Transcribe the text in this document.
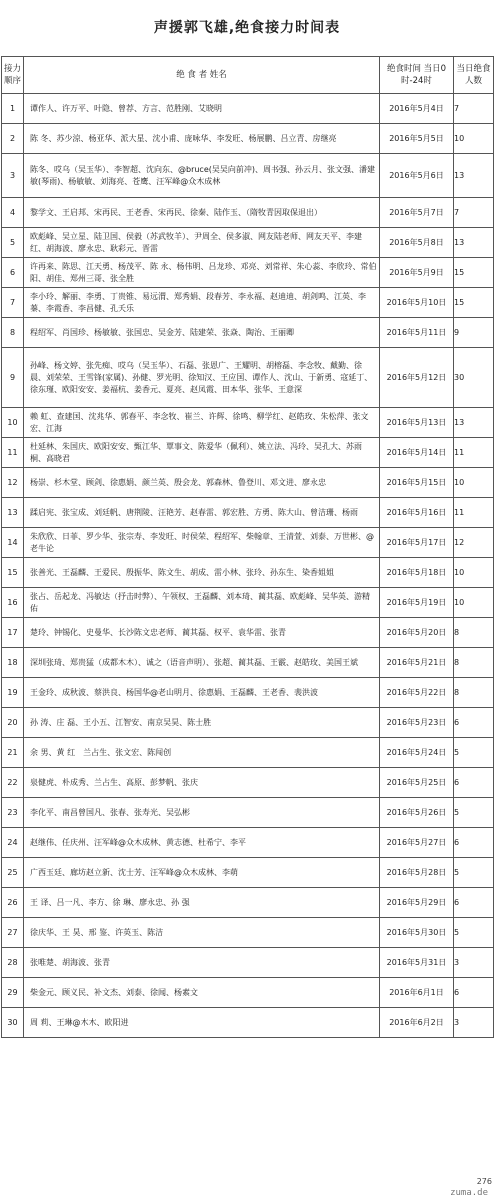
声援郭飞雄,绝食接力时间表
接力顺序	绝 食 者 姓名	绝食时间 当日0时-24时	当日绝食人数
1	谭作人、许万平、叶隐、曾荐、方言、范胜刚、艾晓明	2016年5月4日	7
2	陈 冬、苏少涼、杨亚华、派大星、沈小甫、庞咏华、李发旺、杨展鹏、吕立青、房继亮	2016年5月5日	10
3	陈冬、哎乌（吴玉华）、李智超、沈向东、@bruce(吴吴向前冲)、周书强、孙云月、张文强、潘建敏(琴雨)、杨敏敏、刘海亮、苍鹰、汪军峰@众木成林	2016年5月6日	13
4	黎学文、王启邦、宋再民、王老香、宋再民、徐秦、陆作玉、（隋牧青因取保退出）	2016年5月7日	7
5	欧彪峰、吴立星、陆卫国、侯毅（苏武牧羊）、尹周全、侯多淑、网友陆老师、网友天平、李建红、胡海波、廖永忠、耿彩元、晋雷	2016年5月8日	13
6	许再来、陈思、江天勇、杨茂平、陈 永、杨伟明、吕龙珍、邓亮、刘常祥、朱心蕊、李欣玲、常伯阳、胡佳、郑州三哥、张全胜	2016年5月9日	15
7	李小玲、解丽、李勇、丁贵锥、易远渭、郑秀娟、段春芳、李永福、赵迪迪、胡剑鸣、江英、李蓁、李霞香、李昌健、孔夭乐	2016年5月10日	15
8	程绍军、肖国珍、杨敏敏、张国忠、吴金芳、陆建荣、张焱、陶治、王丽卿	2016年5月11日	9
9	孙峰、杨文婷、张先痴、哎乌（吴玉华）、石磊、张恩广、王耀明、胡榕磊、李念牧、戴勤、徐晨、刘荣荣、王雪锋(家属)、孙健、罗光明、徐知汉、王应国、谭作人、沈山、于新勇、寇延丁、徐东瑾、欧阳安安、姜福杭、姜香元、夏亮、赵凤霞、田本华、张华、王意深	2016年5月12日	30
10	赖 虹、查建国、沈兆华、郭春平、李念牧、崔兰、许辉、徐鸣、柳学红、赵皓玫、朱松萍、张文宏、江海	2016年5月13日	13
11	杜延林、朱国庆、欧阳安安、甄江华、覃事文、陈爱华（佩利）、姚立法、冯玲、吴孔大、苏雨桐、高晓君	2016年5月14日	11
12	杨崇、杉木堂、顾剑、徐惠娟、颜兰英、殷会龙、郭森林、鲁登川、邓文进、廖永忠	2016年5月15日	10
13	蹂启宪、张宝成、刘廷帆、唐荆陵、汪艳芳、赵春雷、郭宏胜、方勇、陈大山、曾洁珊、杨雨	2016年5月16日	11
14	朱欣欣、日菲、罗少华、张宗寿、李发旺、时侯荣、程绍军、柴翰章、王清萱、刘泰、万世彬、@老牛论	2016年5月17日	12
15	张善光、王磊麟、王爱民、殷振华、陈文生、胡成、雷小林、张玲、孙东生、染香姐姐	2016年5月18日	10
16	张占、岳起龙、冯敏达（抒击时弊）、午领权、王磊麟、刘本琦、蔺其磊、欧彪峰、吴华英、游精佑	2016年5月19日	10
17	楚玲、钟锡化、史曼华、长沙陈文忠老师、蔺其磊、权平、袁华雷、张青	2016年5月20日	8
18	深圳张琦、郑贵猛（成都木木）、诚之（语音声明）、张超、蔺其磊、王霰、赵皓玫、美国王斌	2016年5月21日	8
19	王金玲、成秋波、蔡洪良、杨国华@老山明月、徐惠娟、王磊麟、王老香、裴洪波	2016年5月22日	8
20	孙 涛、庄 磊、王小五、江智安、南京吴昊、陈士胜	2016年5月23日	6
21	余 男、黄 红　兰占生、张文宏、陈闯创	2016年5月24日	5
22	泉健虎、朴成秀、兰占生、高原、彭梦帆、张庆	2016年5月25日	6
23	李化平、南昌曾国凡、张春、张寿光、吴弘彬	2016年5月26日	5
24	赵继伟、任庆州、汪军峰@众木成林、黄志德、杜希宁、李平	2016年5月27日	6
25	广西玉廷、廊坊赵立新、沈士芳、汪军峰@众木成林、李萌	2016年5月28日	5
26	王 译、吕一凡、李方、徐 琳、廖永忠、孙 强	2016年5月29日	6
27	徐庆华、王 昊、邢 鉴、许英玉、陈洁	2016年5月30日	5
28	张唯楚、胡海波、张青	2016年5月31日	3
29	柴金元、顾义民、补文杰、刘泰、徐闻、杨素文	2016年6月1日	6
30	周 莉、王琳@木木、欧阳进	2016年6月2日	3
276
zuma.de
